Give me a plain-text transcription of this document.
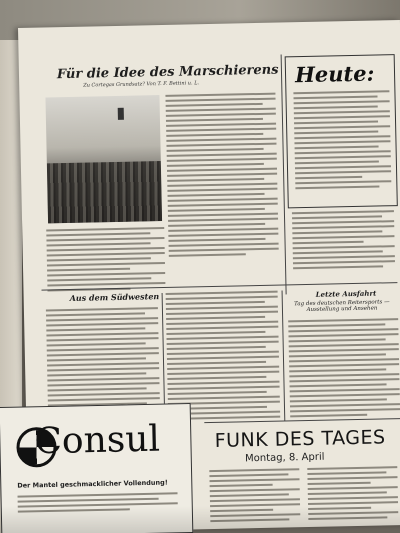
Für die Idee des Marschierens
Zu Cortegas Grundsatz? Von T. F. Bettini u. L.	Heute:
Aus dem Südwesten	Letzte Ausfahrt
Tag des deutschen Reitersports — Ausstellung und Ansehen
FUNK DES TAGES
Montag, 8. April
Consul
Der Mantel geschmacklicher Vollendung!
